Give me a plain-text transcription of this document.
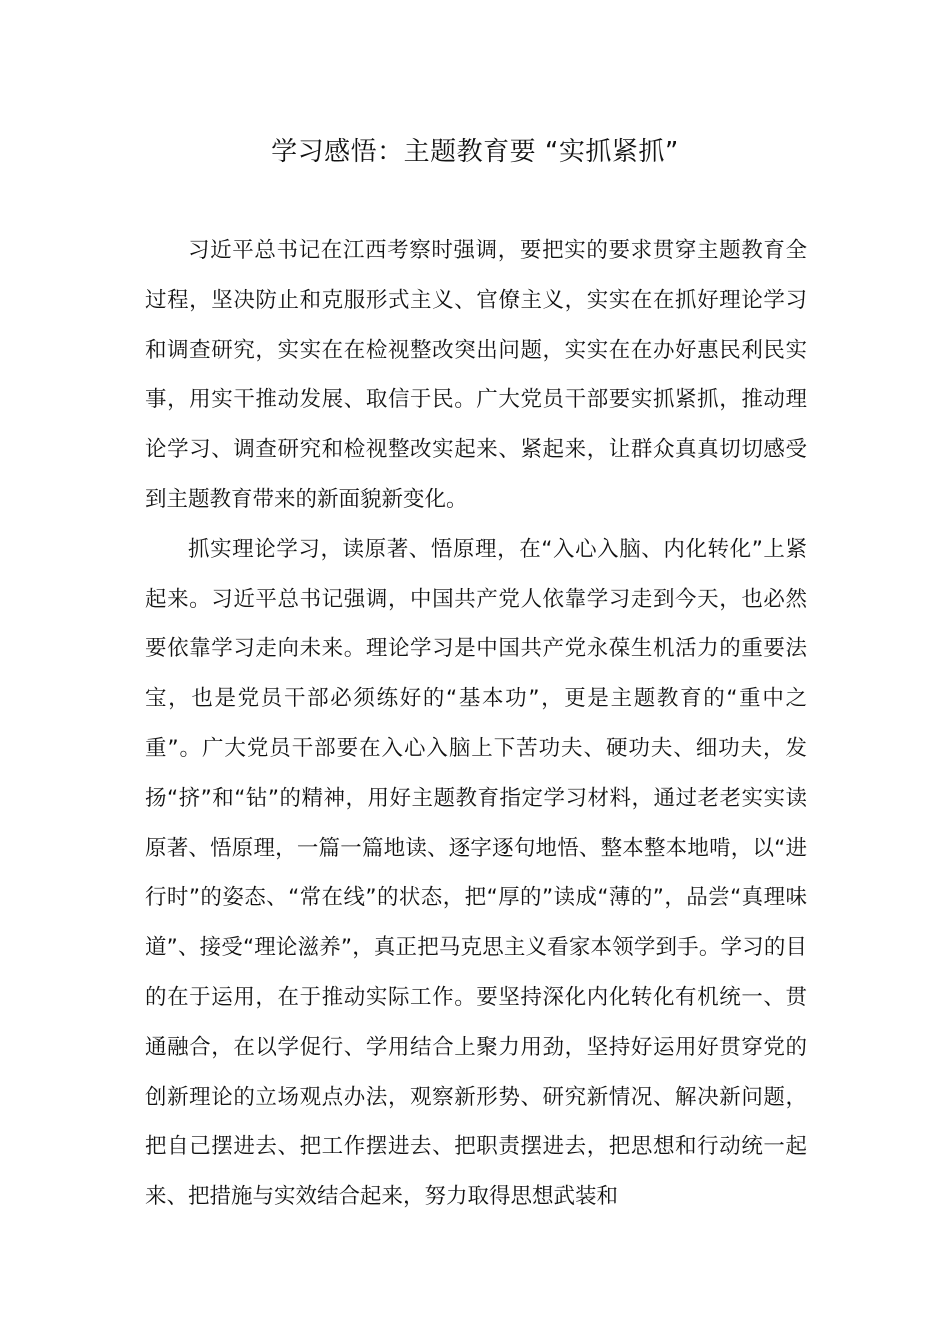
学习感悟：主题教育要 “实抓紧抓”

习近平总书记在江西考察时强调，要把实的要求贯穿主题教育全过程，坚决防止和克服形式主义、官僚主义，实实在在抓好理论学习和调查研究，实实在在检视整改突出问题，实实在在办好惠民利民实事，用实干推动发展、取信于民。广大党员干部要实抓紧抓，推动理论学习、调查研究和检视整改实起来、紧起来，让群众真真切切感受到主题教育带来的新面貌新变化。

抓实理论学习，读原著、悟原理，在“入心入脑、内化转化”上紧起来。习近平总书记强调，中国共产党人依靠学习走到今天，也必然要依靠学习走向未来。理论学习是中国共产党永葆生机活力的重要法宝，也是党员干部必须练好的“基本功”，更是主题教育的“重中之重”。广大党员干部要在入心入脑上下苦功夫、硬功夫、细功夫，发扬“挤”和“钻”的精神，用好主题教育指定学习材料，通过老老实实读原著、悟原理，一篇一篇地读、逐字逐句地悟、整本整本地啃，以“进行时”的姿态、“常在线”的状态，把“厚的”读成“薄的”，品尝“真理味道”、接受“理论滋养”，真正把马克思主义看家本领学到手。学习的目的在于运用，在于推动实际工作。要坚持深化内化转化有机统一、贯通融合，在以学促行、学用结合上聚力用劲，坚持好运用好贯穿党的创新理论的立场观点办法，观察新形势、研究新情况、解决新问题，把自己摆进去、把工作摆进去、把职责摆进去，把思想和行动统一起来、把措施与实效结合起来，努力取得思想武装和
